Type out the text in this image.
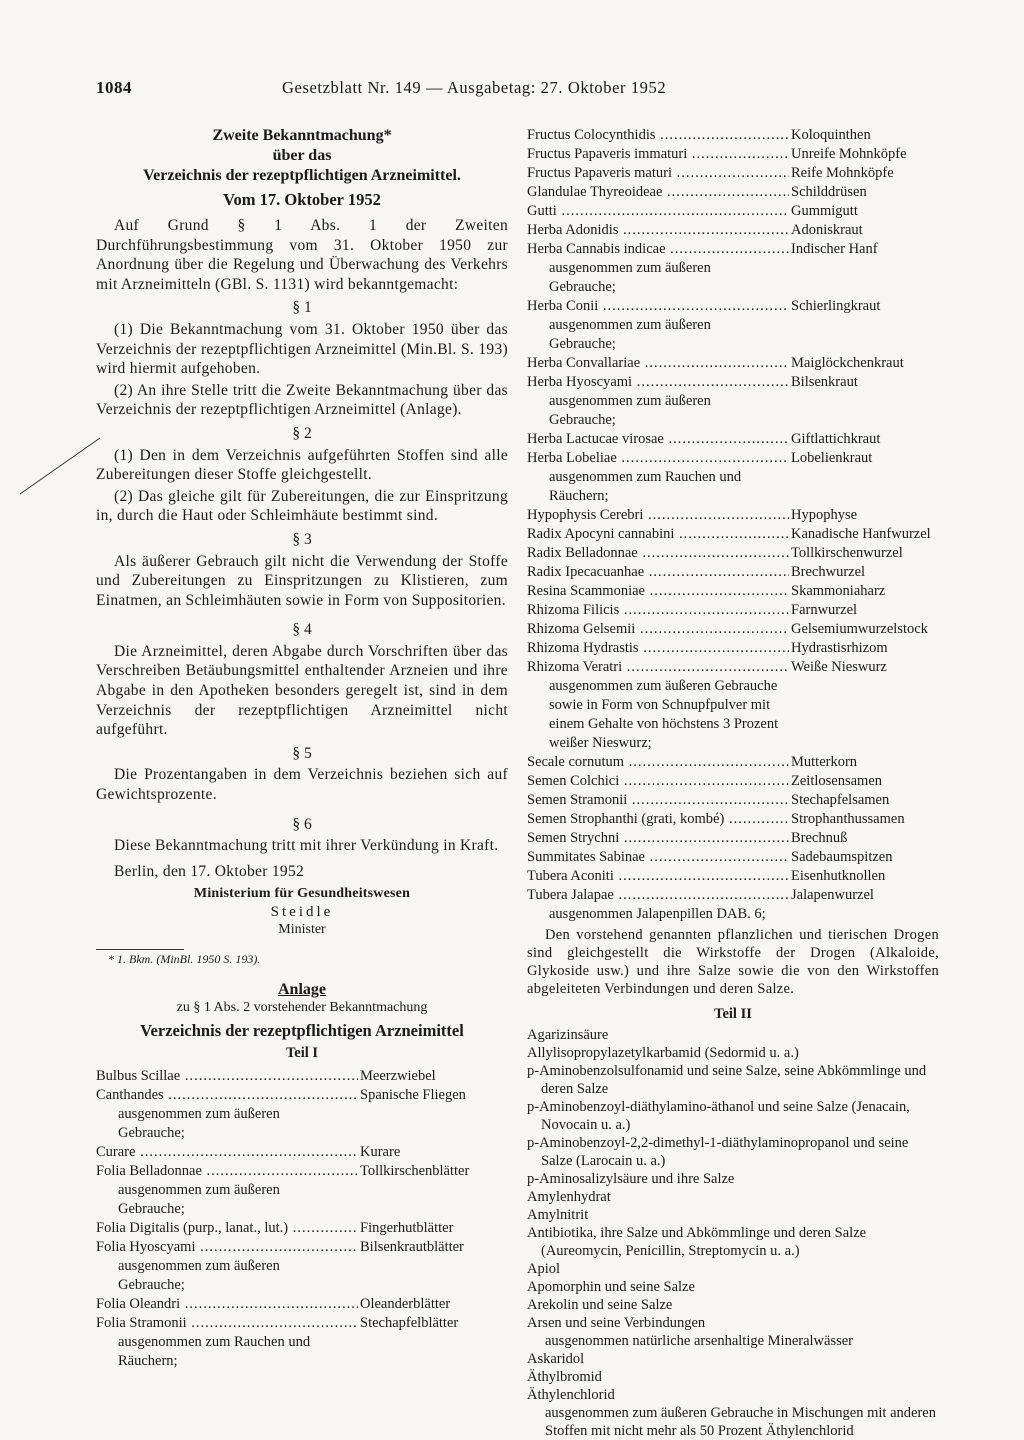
1084	Gesetzblatt Nr. 149 — Ausgabetag: 27. Oktober 1952

Zweite Bekanntmachung*

über das

Verzeichnis der rezeptpflichtigen Arzneimittel.

Vom 17. Oktober 1952

Auf Grund § 1 Abs. 1 der Zweiten Durchführungsbestimmung vom 31. Oktober 1950 zur Anordnung über die Regelung und Überwachung des Verkehrs mit Arzneimitteln (GBl. S. 1131) wird bekanntgemacht:

§ 1

(1) Die Bekanntmachung vom 31. Oktober 1950 über das Verzeichnis der rezeptpflichtigen Arzneimittel (Min.Bl. S. 193) wird hiermit aufgehoben.

(2) An ihre Stelle tritt die Zweite Bekanntmachung über das Verzeichnis der rezeptpflichtigen Arzneimittel (Anlage).

§ 2

(1) Den in dem Verzeichnis aufgeführten Stoffen sind alle Zubereitungen dieser Stoffe gleichgestellt.

(2) Das gleiche gilt für Zubereitungen, die zur Einspritzung in, durch die Haut oder Schleimhäute bestimmt sind.

§ 3

Als äußerer Gebrauch gilt nicht die Verwendung der Stoffe und Zubereitungen zu Einspritzungen zu Klistieren, zum Einatmen, an Schleimhäuten sowie in Form von Suppositorien.

§ 4

Die Arzneimittel, deren Abgabe durch Vorschriften über das Verschreiben Betäubungsmittel enthaltender Arzneien und ihre Abgabe in den Apotheken besonders geregelt ist, sind in dem Verzeichnis der rezeptpflichtigen Arzneimittel nicht aufgeführt.

§ 5

Die Prozentangaben in dem Verzeichnis beziehen sich auf Gewichtsprozente.

§ 6

Diese Bekanntmachung tritt mit ihrer Verkündung in Kraft.

Berlin, den 17. Oktober 1952

Ministerium für Gesundheitswesen

Steidle

Minister

* 1. Bkm. (MinBl. 1950 S. 193).

Anlage

zu § 1 Abs. 2 vorstehender Bekanntmachung

Verzeichnis der rezeptpflichtigen Arzneimittel

Teil I

Bulbus Scillae .....	Meerzwiebel
Canthandes .....	Spanische Fliegen
ausgenommen zum äußeren Gebrauche;
Curare .....	Kurare
Folia Belladonnae .....	Tollkirschenblätter
ausgenommen zum äußeren Gebrauche;
Folia Digitalis (purp., lanat., lut.) .....	Fingerhutblätter
Folia Hyoscyami .....	Bilsenkrautblätter
ausgenommen zum äußeren Gebrauche;
Folia Oleandri .....	Oleanderblätter
Folia Stramonii .....	Stechapfelblätter
ausgenommen zum Rauchen und Räuchern;
Fructus Colocynthidis .....	Koloquinthen
Fructus Papaveris immaturi .....	Unreife Mohnköpfe
Fructus Papaveris maturi .....	Reife Mohnköpfe
Glandulae Thyreoideae .....	Schilddrüsen
Gutti .....	Gummigutt
Herba Adonidis .....	Adoniskraut
Herba Cannabis indicae .....	Indischer Hanf
ausgenommen zum äußeren Gebrauche;
Herba Conii .....	Schierlingkraut
ausgenommen zum äußeren Gebrauche;
Herba Convallariae .....	Maiglöckchenkraut
Herba Hyoscyami .....	Bilsenkraut
ausgenommen zum äußeren Gebrauche;
Herba Lactucae virosae .....	Giftlattichkraut
Herba Lobeliae .....	Lobelienkraut
ausgenommen zum Rauchen und Räuchern;
Hypophysis Cerebri .....	Hypophyse
Radix Apocyni cannabini .....	Kanadische Hanfwurzel
Radix Belladonnae .....	Tollkirschenwurzel
Radix Ipecacuanhae .....	Brechwurzel
Resina Scammoniae .....	Skammoniaharz
Rhizoma Filicis .....	Farnwurzel
Rhizoma Gelsemii .....	Gelsemiumwurzelstock
Rhizoma Hydrastis .....	Hydrastisrhizom
Rhizoma Veratri .....	Weiße Nieswurz
ausgenommen zum äußeren Gebrauche sowie in Form von Schnupfpulver mit einem Gehalte von höchstens 3 Prozent weißer Nieswurz;
Secale cornutum .....	Mutterkorn
Semen Colchici .....	Zeitlosensamen
Semen Stramonii .....	Stechapfelsamen
Semen Strophanthi (grati, kombé) .....	Strophanthussamen
Semen Strychni .....	Brechnuß
Summitates Sabinae .....	Sadebaumspitzen
Tubera Aconiti .....	Eisenhutknollen
Tubera Jalapae .....	Jalapenwurzel
ausgenommen Jalapenpillen DAB. 6;

Den vorstehend genannten pflanzlichen und tierischen Drogen sind gleichgestellt die Wirkstoffe der Drogen (Alkaloide, Glykoside usw.) und ihre Salze sowie die von den Wirkstoffen abgeleiteten Verbindungen und deren Salze.

Teil II

Agarizinsäure
Allylisopropylazetylkarbamid (Sedormid u. a.)
p-Aminobenzolsulfonamid und seine Salze, seine Abkömmlinge und deren Salze
p-Aminobenzoyl-diäthylamino-äthanol und seine Salze (Jenacain, Novocain u. a.)
p-Aminobenzoyl-2,2-dimethyl-1-diäthylaminopropanol und seine Salze (Larocain u. a.)
p-Aminosalizylsäure und ihre Salze
Amylenhydrat
Amylnitrit
Antibiotika, ihre Salze und Abkömmlinge und deren Salze (Aureomycin, Penicillin, Streptomycin u. a.)
Apiol
Apomorphin und seine Salze
Arekolin und seine Salze
Arsen und seine Verbindungen
ausgenommen natürliche arsenhaltige Mineralwässer
Askaridol
Äthylbromid
Äthylenchlorid
ausgenommen zum äußeren Gebrauche in Mischungen mit anderen Stoffen mit nicht mehr als 50 Prozent Äthylenchlorid
